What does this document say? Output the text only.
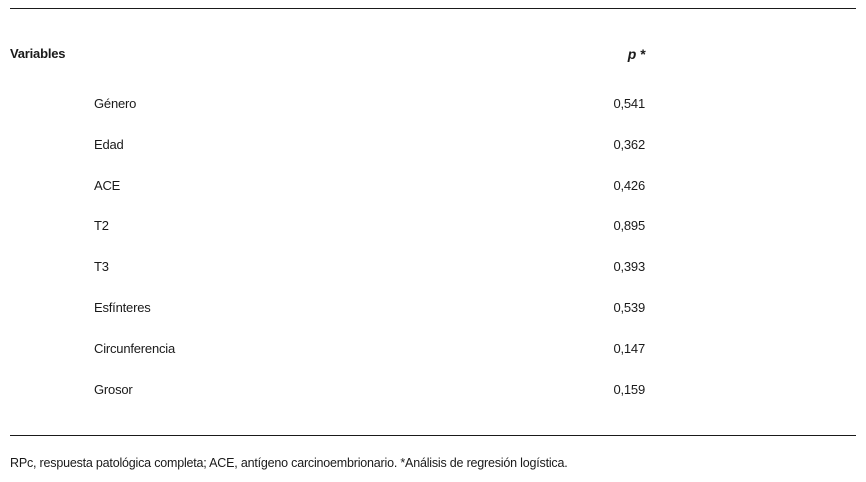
Variables	p *
Género	0,541
Edad	0,362
ACE	0,426
T2	0,895
T3	0,393
Esfínteres	0,539
Circunferencia	0,147
Grosor	0,159
RPc, respuesta patológica completa; ACE, antígeno carcinoembrionario. *Análisis de regresión logística.
